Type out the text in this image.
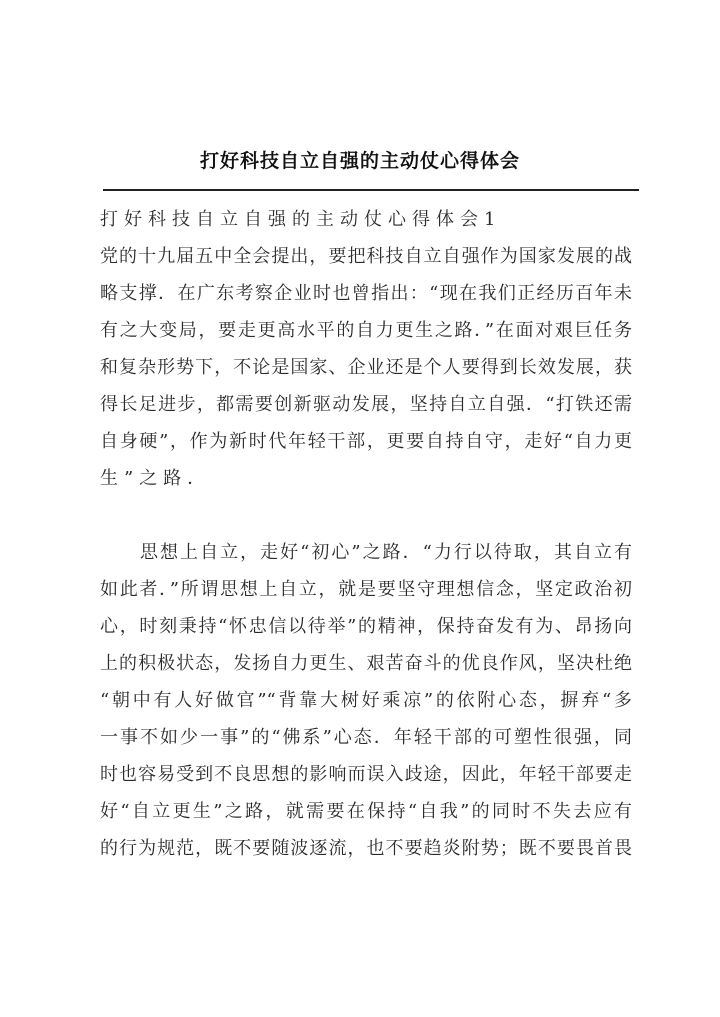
打好科技自立自强的主动仗心得体会
打好科技自立自强的主动仗心得体会1
党的十九届五中全会提出，要把科技自立自强作为国家发展的战
略支撑．在广东考察企业时也曾指出：“现在我们正经历百年未
有之大变局，要走更高水平的自力更生之路．”在面对艰巨任务
和复杂形势下，不论是国家、企业还是个人要得到长效发展，获
得长足进步，都需要创新驱动发展，坚持自立自强．“打铁还需
自身硬”，作为新时代年轻干部，更要自持自守，走好“自力更
生”之路．
　　思想上自立，走好“初心”之路．“力行以待取，其自立有
如此者．”所谓思想上自立，就是要坚守理想信念，坚定政治初
心，时刻秉持“怀忠信以待举”的精神，保持奋发有为、昂扬向
上的积极状态，发扬自力更生、艰苦奋斗的优良作风，坚决杜绝
“朝中有人好做官”“背靠大树好乘凉”的依附心态，摒弃“多
一事不如少一事”的“佛系”心态．年轻干部的可塑性很强，同
时也容易受到不良思想的影响而误入歧途，因此，年轻干部要走
好“自立更生”之路，就需要在保持“自我”的同时不失去应有
的行为规范，既不要随波逐流，也不要趋炎附势；既不要畏首畏
